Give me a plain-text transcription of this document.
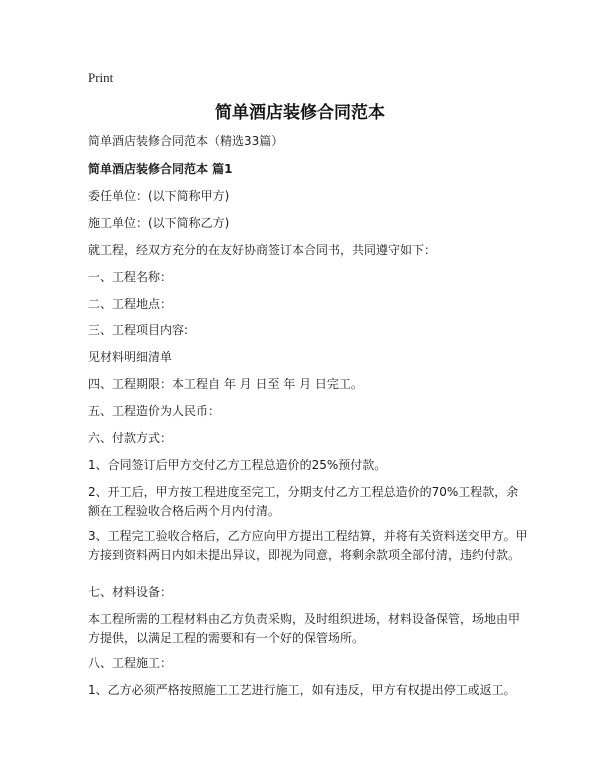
Print
简单酒店装修合同范本

简单酒店装修合同范本（精选33篇）

简单酒店装修合同范本 篇1

委任单位：(以下简称甲方)

施工单位：(以下简称乙方)

就工程，经双方充分的在友好协商签订本合同书，共同遵守如下：

一、工程名称：

二、工程地点：

三、工程项目内容:

见材料明细清单

四、工程期限：本工程自 年 月 日至 年 月 日完工。

五、工程造价为人民币：

六、付款方式：

1、合同签订后甲方交付乙方工程总造价的25%预付款。

2、开工后，甲方按工程进度至完工，分期支付乙方工程总造价的70%工程款，余额在工程验收合格后两个月内付清。

3、工程完工验收合格后，乙方应向甲方提出工程结算，并将有关资料送交甲方。甲方接到资料两日内如未提出异议，即视为同意，将剩余款项全部付清，违约付款。

七、材料设备：

本工程所需的工程材料由乙方负责采购，及时组织进场，材料设备保管，场地由甲方提供，以满足工程的需要和有一个好的保管场所。

八、工程施工：

1、乙方必须严格按照施工工艺进行施工，如有违反，甲方有权提出停工或返工。
